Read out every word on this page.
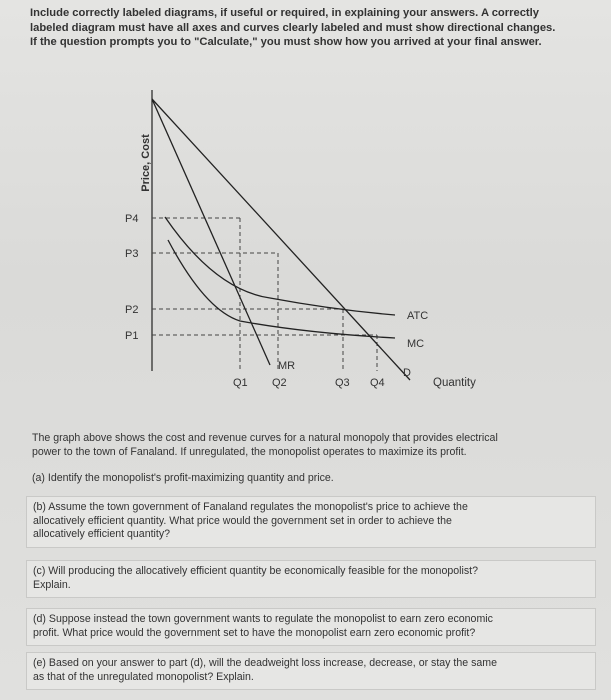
Include correctly labeled diagrams, if useful or required, in explaining your answers. A correctly

labeled diagram must have all axes and curves clearly labeled and must show directional changes.

If the question prompts you to "Calculate," you must show how you arrived at your final answer.

Price, Cost
P4
P3
P2
P1
Q1 Q2	Q3 Q4
ATC
MC
MR
D
Quantity
The graph above shows the cost and revenue curves for a natural monopoly that provides electrical
power to the town of Fanaland. If unregulated, the monopolist operates to maximize its profit.
(a) Identify the monopolist's profit-maximizing quantity and price.
(b) Assume the town government of Fanaland regulates the monopolist's price to achieve the
allocatively efficient quantity. What price would the government set in order to achieve the
allocatively efficient quantity?
(c) Will producing the allocatively efficient quantity be economically feasible for the monopolist?
Explain.
(d) Suppose instead the town government wants to regulate the monopolist to earn zero economic
profit. What price would the government set to have the monopolist earn zero economic profit?
(e) Based on your answer to part (d), will the deadweight loss increase, decrease, or stay the same
as that of the unregulated monopolist? Explain.
